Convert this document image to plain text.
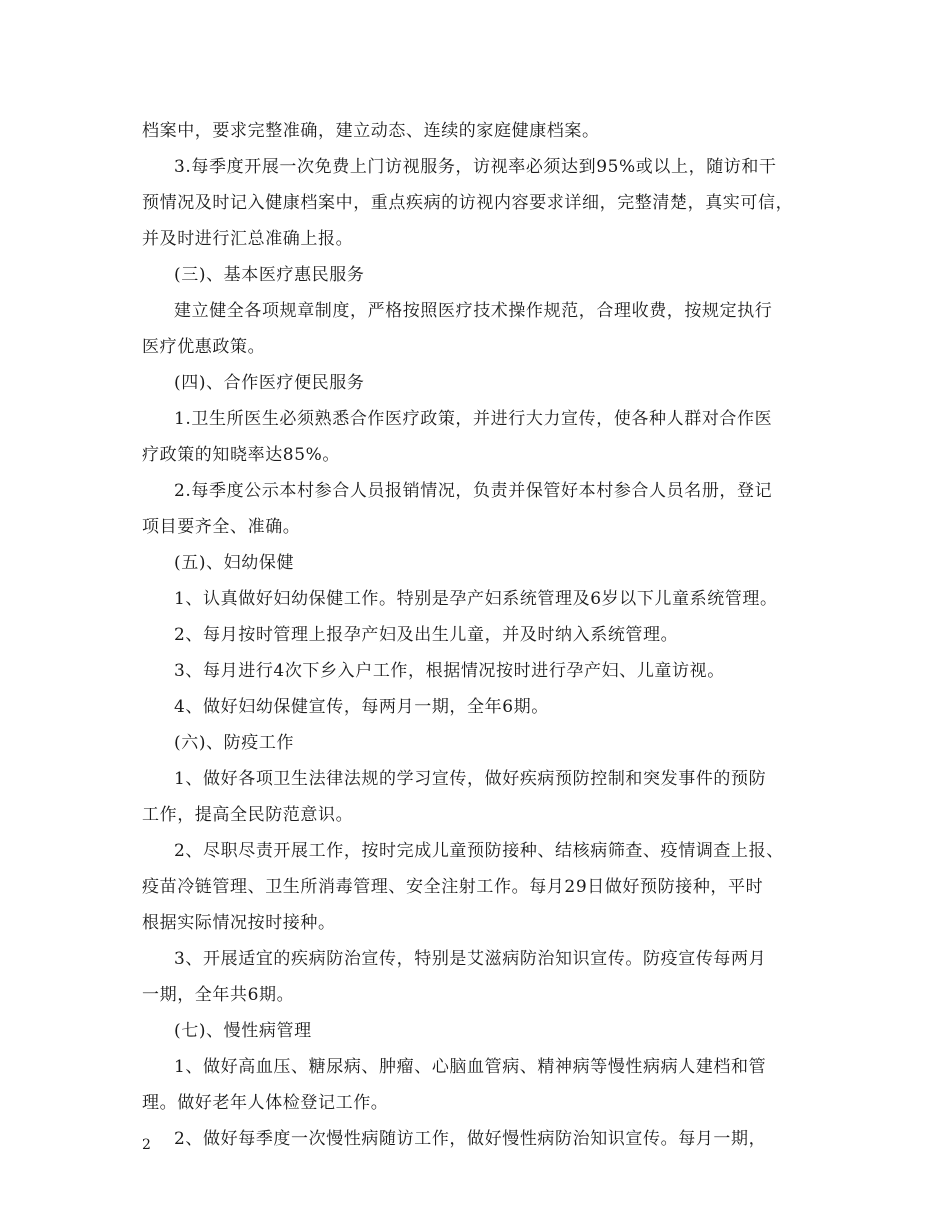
档案中，要求完整准确，建立动态、连续的家庭健康档案。
3.每季度开展一次免费上门访视服务，访视率必须达到95%或以上，随访和干
预情况及时记入健康档案中，重点疾病的访视内容要求详细，完整清楚，真实可信，
并及时进行汇总准确上报。
(三)、基本医疗惠民服务
建立健全各项规章制度，严格按照医疗技术操作规范，合理收费，按规定执行
医疗优惠政策。
(四)、合作医疗便民服务
1.卫生所医生必须熟悉合作医疗政策，并进行大力宣传，使各种人群对合作医
疗政策的知晓率达85%。
2.每季度公示本村参合人员报销情况，负责并保管好本村参合人员名册，登记
项目要齐全、准确。
(五)、妇幼保健
1、认真做好妇幼保健工作。特别是孕产妇系统管理及6岁以下儿童系统管理。
2、每月按时管理上报孕产妇及出生儿童，并及时纳入系统管理。
3、每月进行4次下乡入户工作，根据情况按时进行孕产妇、儿童访视。
4、做好妇幼保健宣传，每两月一期，全年6期。
(六)、防疫工作
1、做好各项卫生法律法规的学习宣传，做好疾病预防控制和突发事件的预防
工作，提高全民防范意识。
2、尽职尽责开展工作，按时完成儿童预防接种、结核病筛查、疫情调查上报、
疫苗冷链管理、卫生所消毒管理、安全注射工作。每月29日做好预防接种，平时
根据实际情况按时接种。
3、开展适宜的疾病防治宣传，特别是艾滋病防治知识宣传。防疫宣传每两月
一期，全年共6期。
(七)、慢性病管理
1、做好高血压、糖尿病、肿瘤、心脑血管病、精神病等慢性病病人建档和管
理。做好老年人体检登记工作。
2、做好每季度一次慢性病随访工作，做好慢性病防治知识宣传。每月一期，
2
